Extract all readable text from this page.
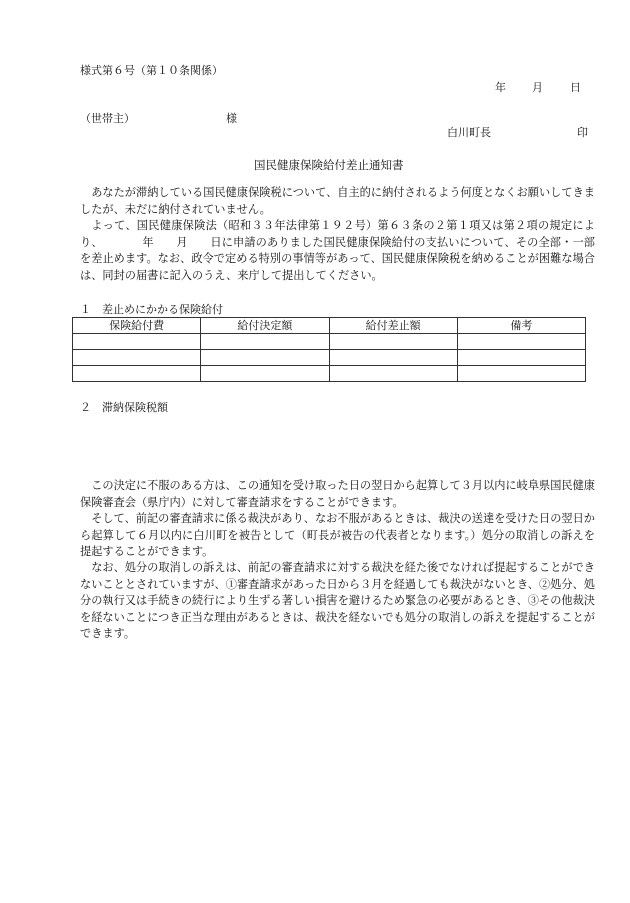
様式第６号（第１０条関係）
年 月 日
（世帯主）	様
白川町長	印
国民健康保険給付差止通知書

あなたが滞納している国民健康保険税について、自主的に納付されるよう何度となくお願いしてきましたが、未だに納付されていません。

よって、国民健康保険法（昭和３３年法律第１９２号）第６３条の２第１項又は第２項の規定により、　　　　年　　月　　日に申請のありました国民健康保険給付の支払いについて、その全部・一部を差止めます。なお、政令で定める特別の事情等があって、国民健康保険税を納めることが困難な場合は、同封の届書に記入のうえ、来庁して提出してください。

１　差止めにかかる保険給付
保険給付費	給付決定額	給付差止額	備考

２　滞納保険税額

この決定に不服のある方は、この通知を受け取った日の翌日から起算して３月以内に岐阜県国民健康保険審査会（県庁内）に対して審査請求をすることができます。

そして、前記の審査請求に係る裁決があり、なお不服があるときは、裁決の送達を受けた日の翌日から起算して６月以内に白川町を被告として（町長が被告の代表者となります。）処分の取消しの訴えを提起することができます。

なお、処分の取消しの訴えは、前記の審査請求に対する裁決を経た後でなければ提起することができないこととされていますが、①審査請求があった日から３月を経過しても裁決がないとき、②処分、処分の執行又は手続きの続行により生ずる著しい損害を避けるため緊急の必要があるとき、③その他裁決を経ないことにつき正当な理由があるときは、裁決を経ないでも処分の取消しの訴えを提起することができます。
